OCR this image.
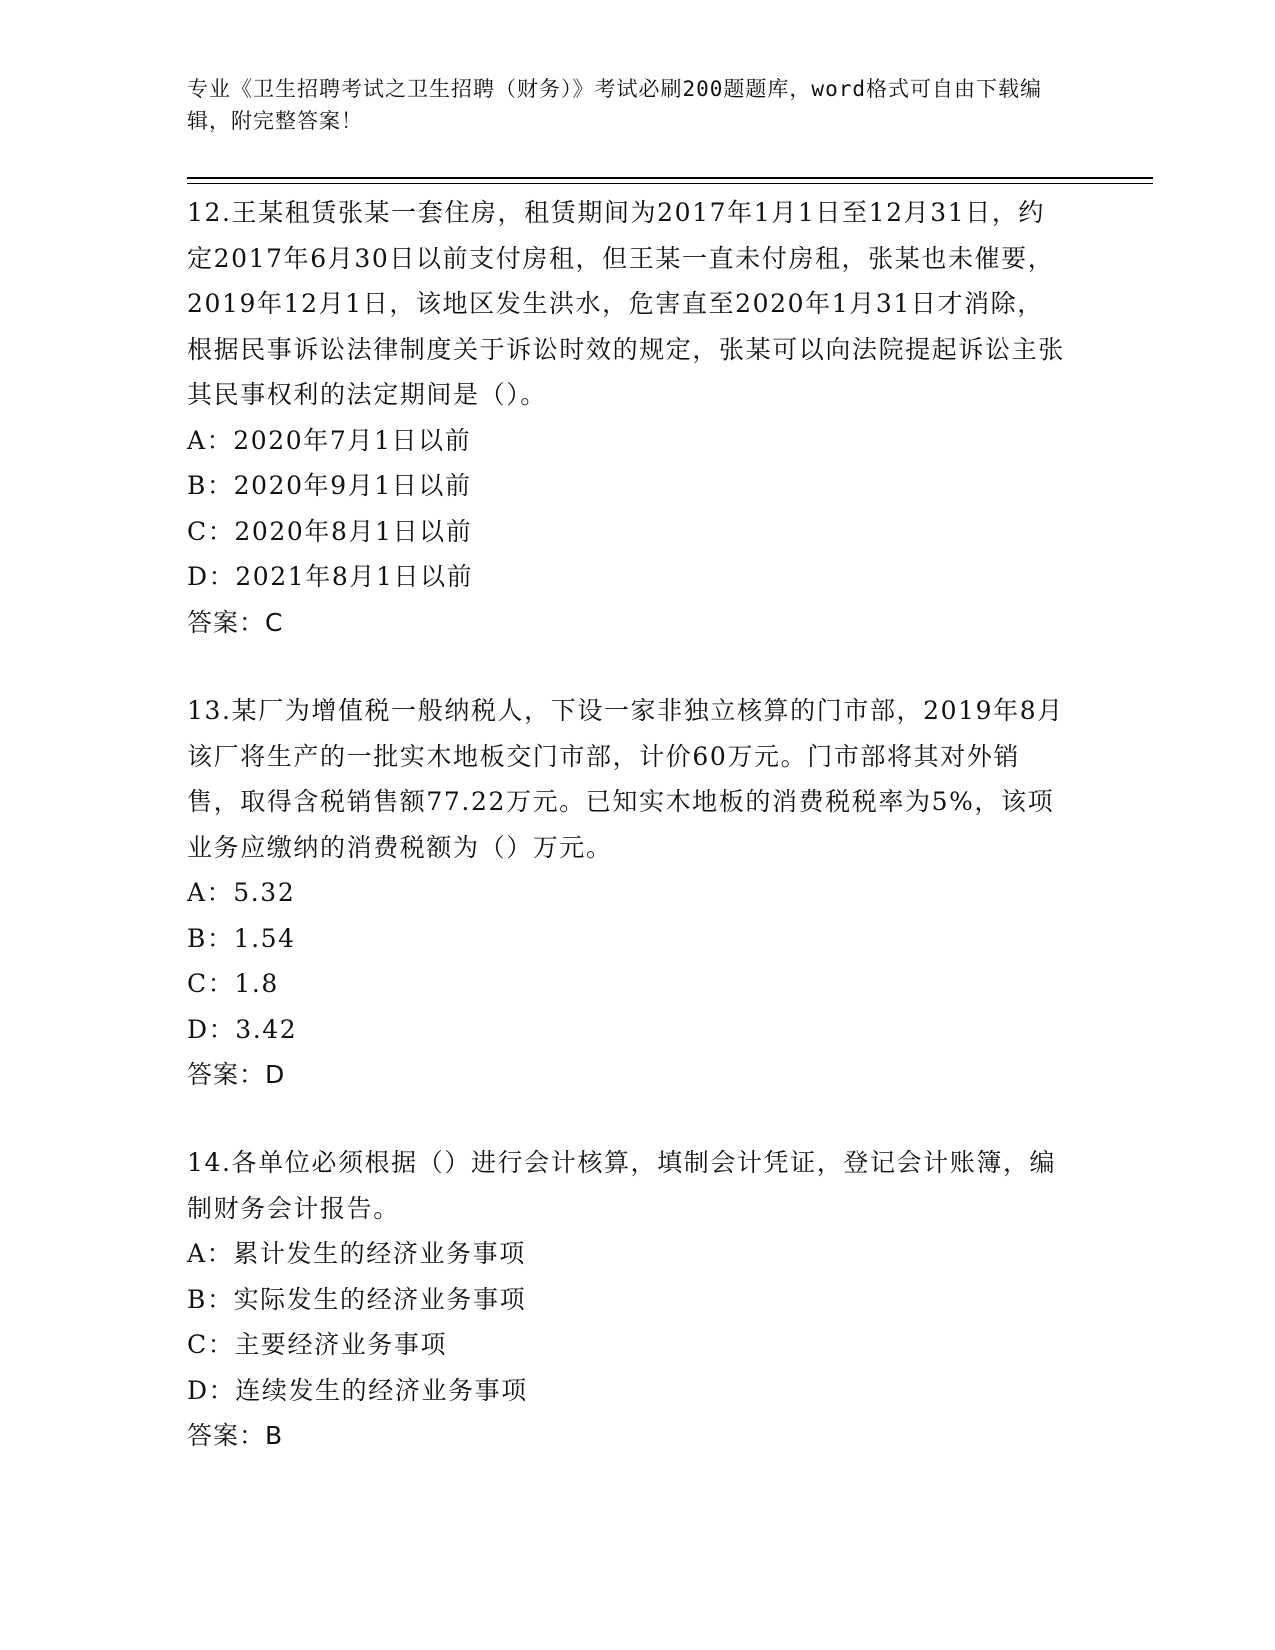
专业《卫生招聘考试之卫生招聘（财务）》考试必刷200题题库，word格式可自由下载编辑，附完整答案！

12.王某租赁张某一套住房，租赁期间为2017年1月1日至12月31日，约定2017年6月30日以前支付房租，但王某一直未付房租，张某也未催要，2019年12月1日，该地区发生洪水，危害直至2020年1月31日才消除，根据民事诉讼法律制度关于诉讼时效的规定，张某可以向法院提起诉讼主张其民事权利的法定期间是（）。

A：2020年7月1日以前

B：2020年9月1日以前

C：2020年8月1日以前

D：2021年8月1日以前

答案：C

13.某厂为增值税一般纳税人，下设一家非独立核算的门市部，2019年8月该厂将生产的一批实木地板交门市部，计价60万元。门市部将其对外销售，取得含税销售额77.22万元。已知实木地板的消费税税率为5%，该项业务应缴纳的消费税额为（）万元。

A：5.32

B：1.54

C：1.8

D：3.42

答案：D

14.各单位必须根据（）进行会计核算，填制会计凭证，登记会计账簿，编制财务会计报告。

A：累计发生的经济业务事项

B：实际发生的经济业务事项

C：主要经济业务事项

D：连续发生的经济业务事项

答案：B
